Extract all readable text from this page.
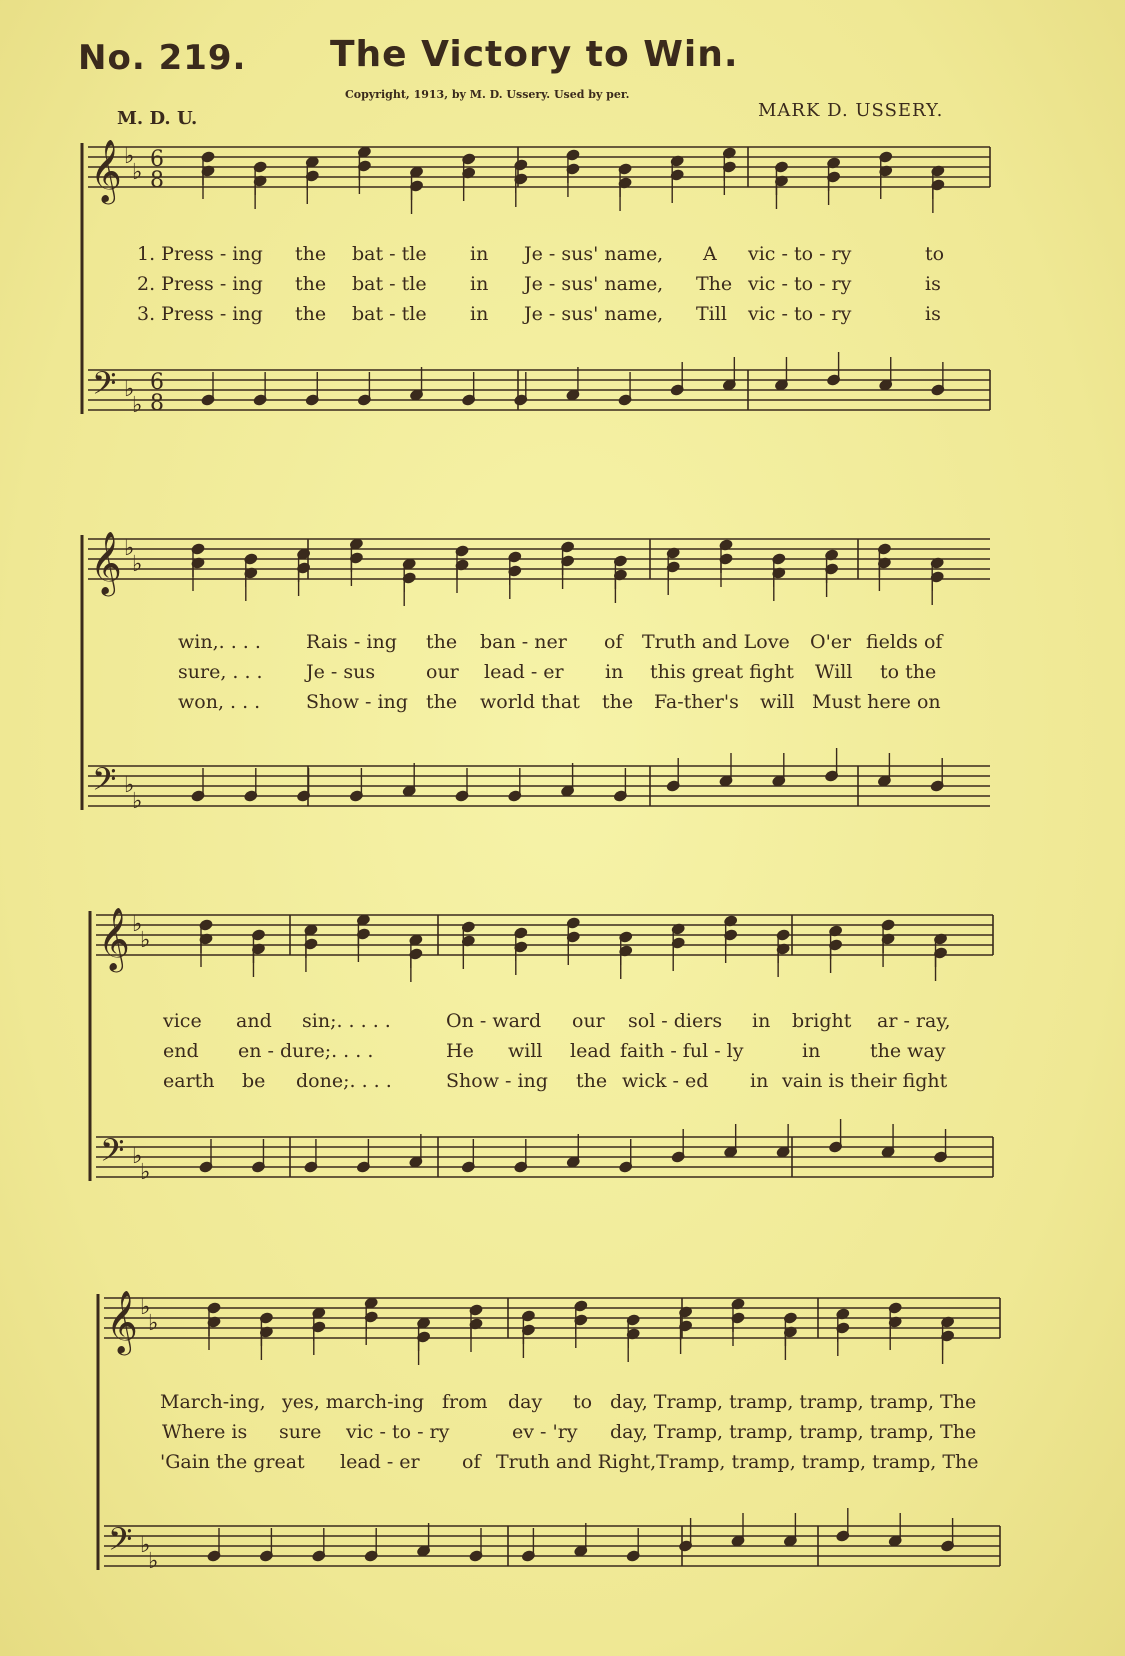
No. 219. The Victory to Win.
Copyright, 1913, by M. D. Ussery. Used by per.
M. D. U.	MARK D. USSERY.
1. Press - ing the bat - tle in Je - sus' name, A vic - to - ry	to
2. Press - ing the bat - tle in Je - sus' name, The vic - to - ry	is
3. Press - ing the bat - tle in Je - sus' name, Till vic - to - ry	is
win,. . . . Rais - ing the ban - ner of Truth and Love O'er fields of
sure, . . . Je - sus	our lead - er in this great fight Will to the
won, . . . Show - ing the world that the Fa-ther's will Must here on
vice and sin;. . . . .	On - ward our sol - diers in bright ar - ray,
end en - dure;. . . .	He will lead faith - ful - ly	in	the way
earth be done;. . . .	Show - ing the wick - ed in vain is their fight
March-ing, yes, march-ing from day to day, Tramp, tramp, tramp, tramp, The
Where is sure vic - to - ry	ev - 'ry day, Tramp, tramp, tramp, tramp, The
'Gain the great lead - er of Truth and Right,Tramp, tramp, tramp, tramp, The
𝄞
𝄢
♭
♭
♭
♭
6
8
6
8
𝄞
𝄢
♭
♭
♭
♭
𝄞
𝄢
♭
♭
♭
♭
𝄞
𝄢
♭
♭
♭
♭
